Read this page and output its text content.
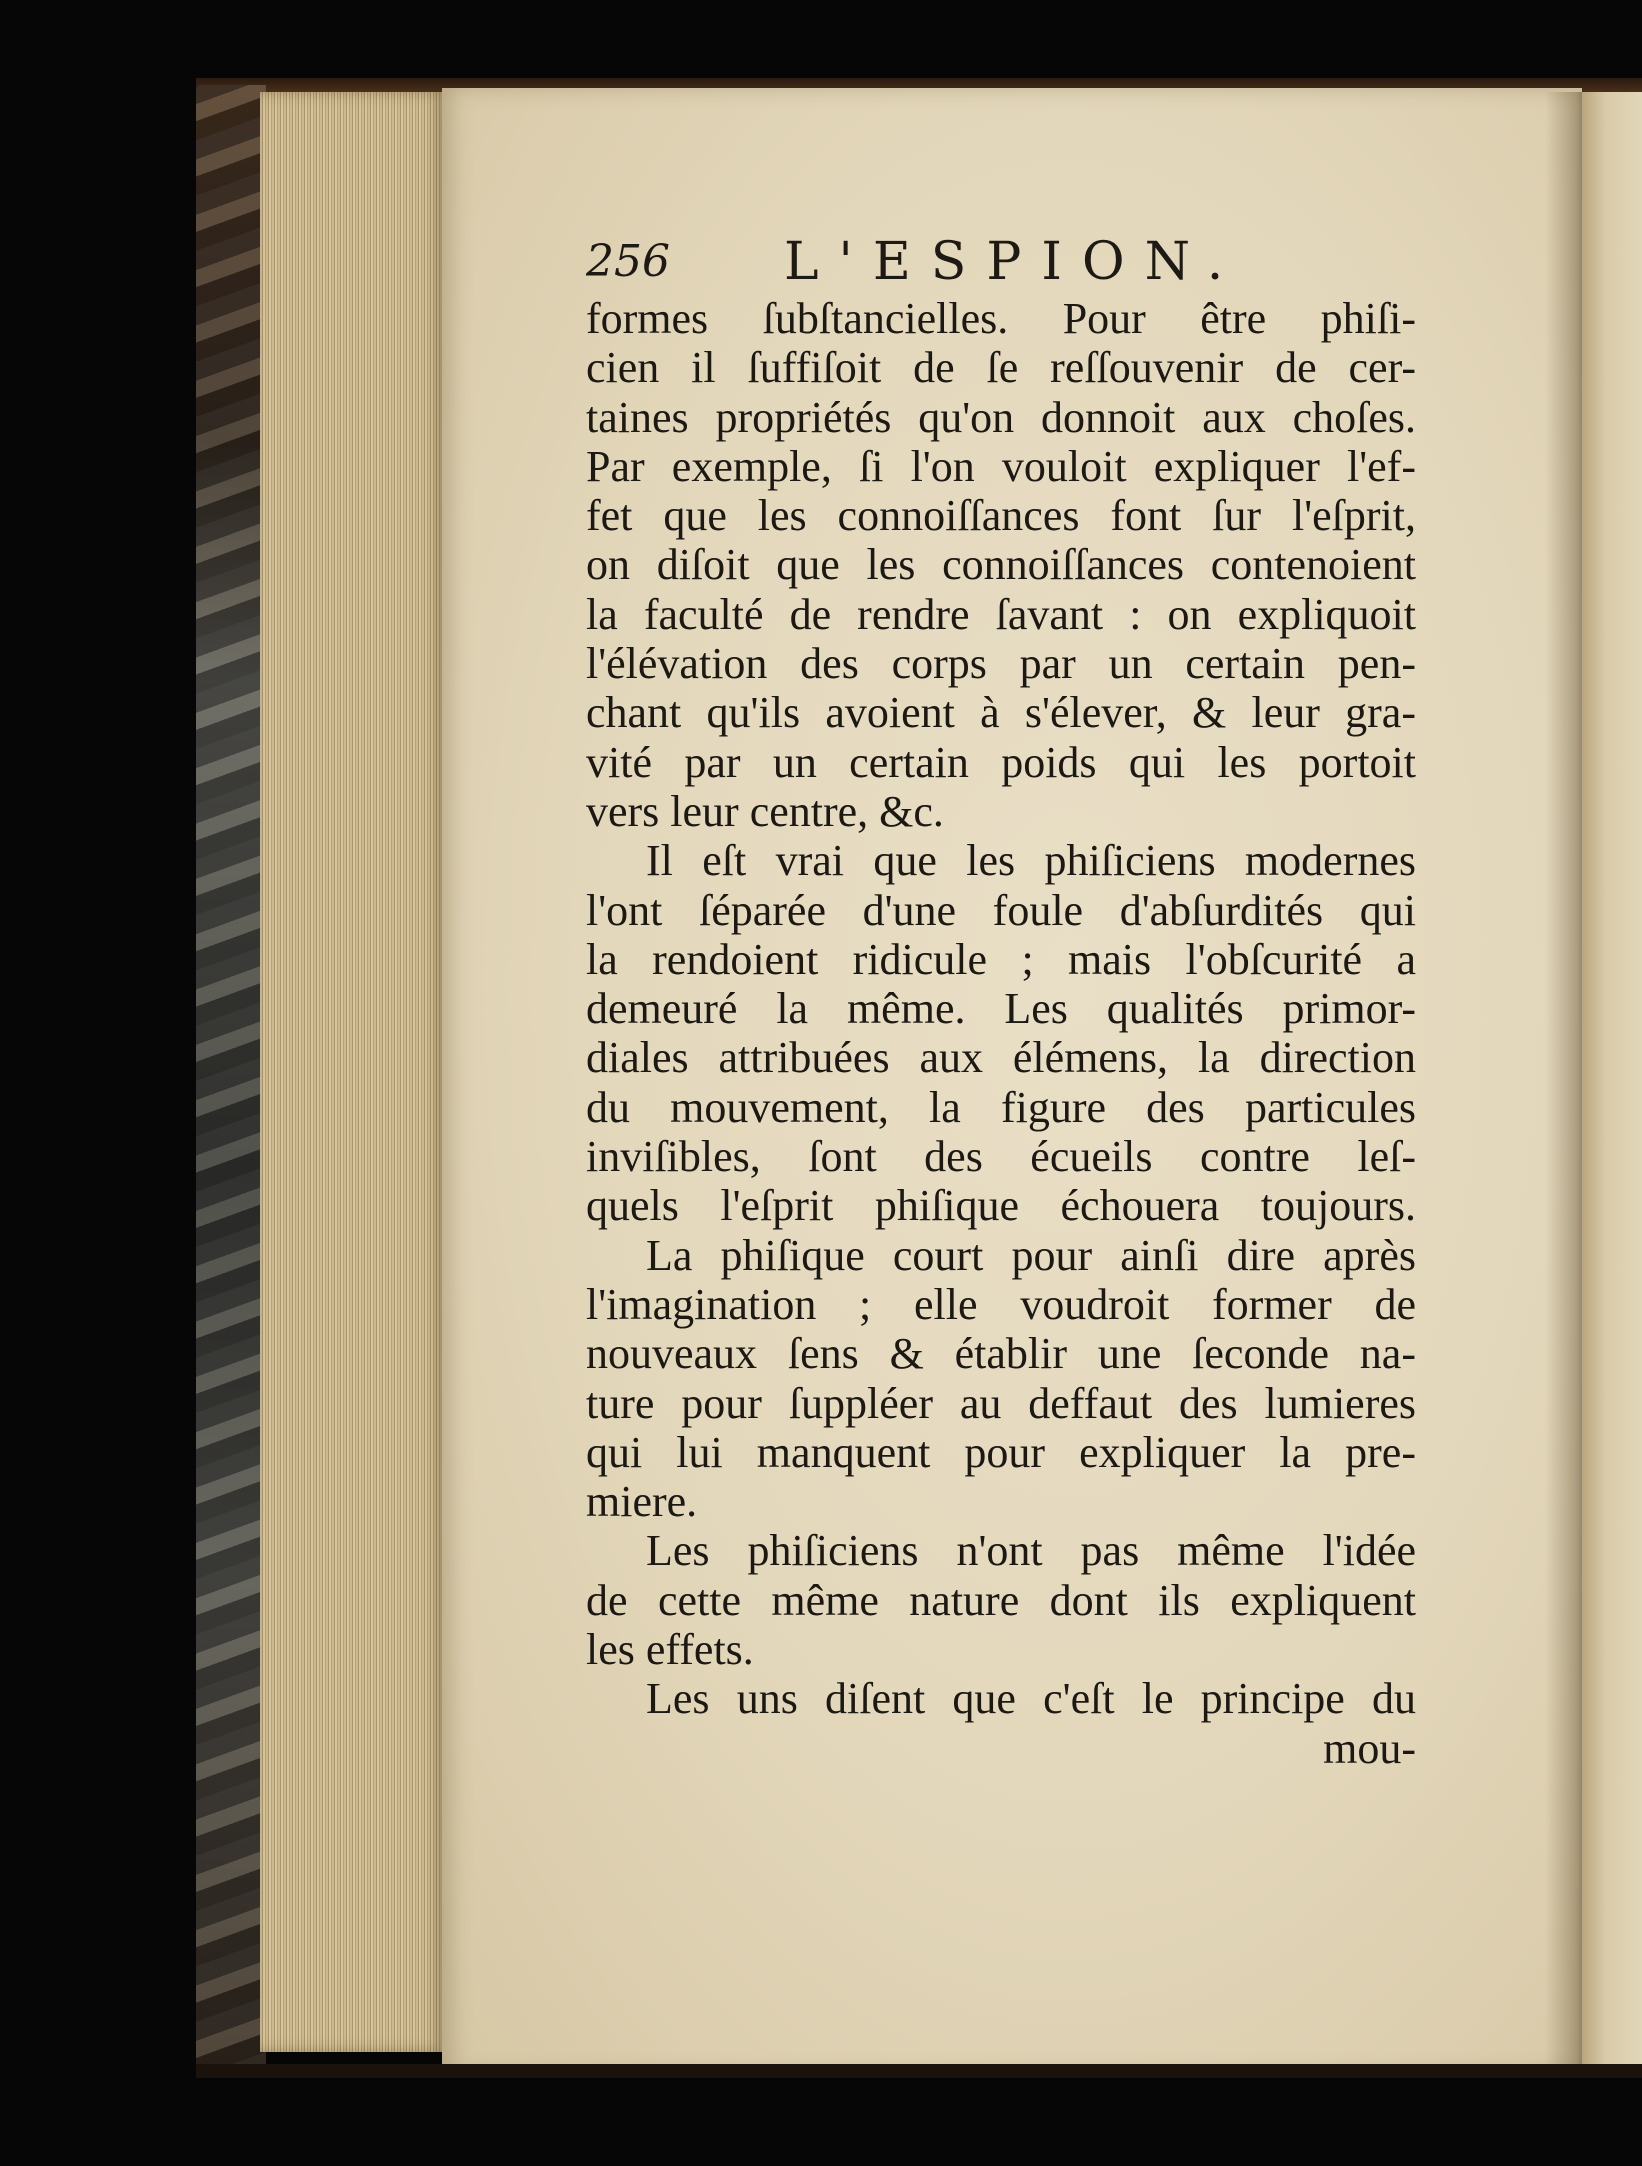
256 L'ESPION.
formes ſubſtancielles. Pour être phiſi-
cien il ſuffiſoit de ſe reſſouvenir de cer-
taines propriétés qu'on donnoit aux choſes.
Par exemple, ſi l'on vouloit expliquer l'ef-
fet que les connoiſſances font ſur l'eſprit,
on diſoit que les connoiſſances contenoient
la faculté de rendre ſavant : on expliquoit
l'élévation des corps par un certain pen-
chant qu'ils avoient à s'élever, & leur gra-
vité par un certain poids qui les portoit
vers leur centre, &c.
Il eſt vrai que les phiſiciens modernes
l'ont ſéparée d'une foule d'abſurdités qui
la rendoient ridicule ; mais l'obſcurité a
demeuré la même. Les qualités primor-
diales attribuées aux élémens, la direction
du mouvement, la figure des particules
inviſibles, ſont des écueils contre leſ-
quels l'eſprit phiſique échouera toujours.
La phiſique court pour ainſi dire après
l'imagination ; elle voudroit former de
nouveaux ſens & établir une ſeconde na-
ture pour ſuppléer au deffaut des lumieres
qui lui manquent pour expliquer la pre-
miere.
Les phiſiciens n'ont pas même l'idée
de cette même nature dont ils expliquent
les effets.
Les uns diſent que c'eſt le principe du
mou-
